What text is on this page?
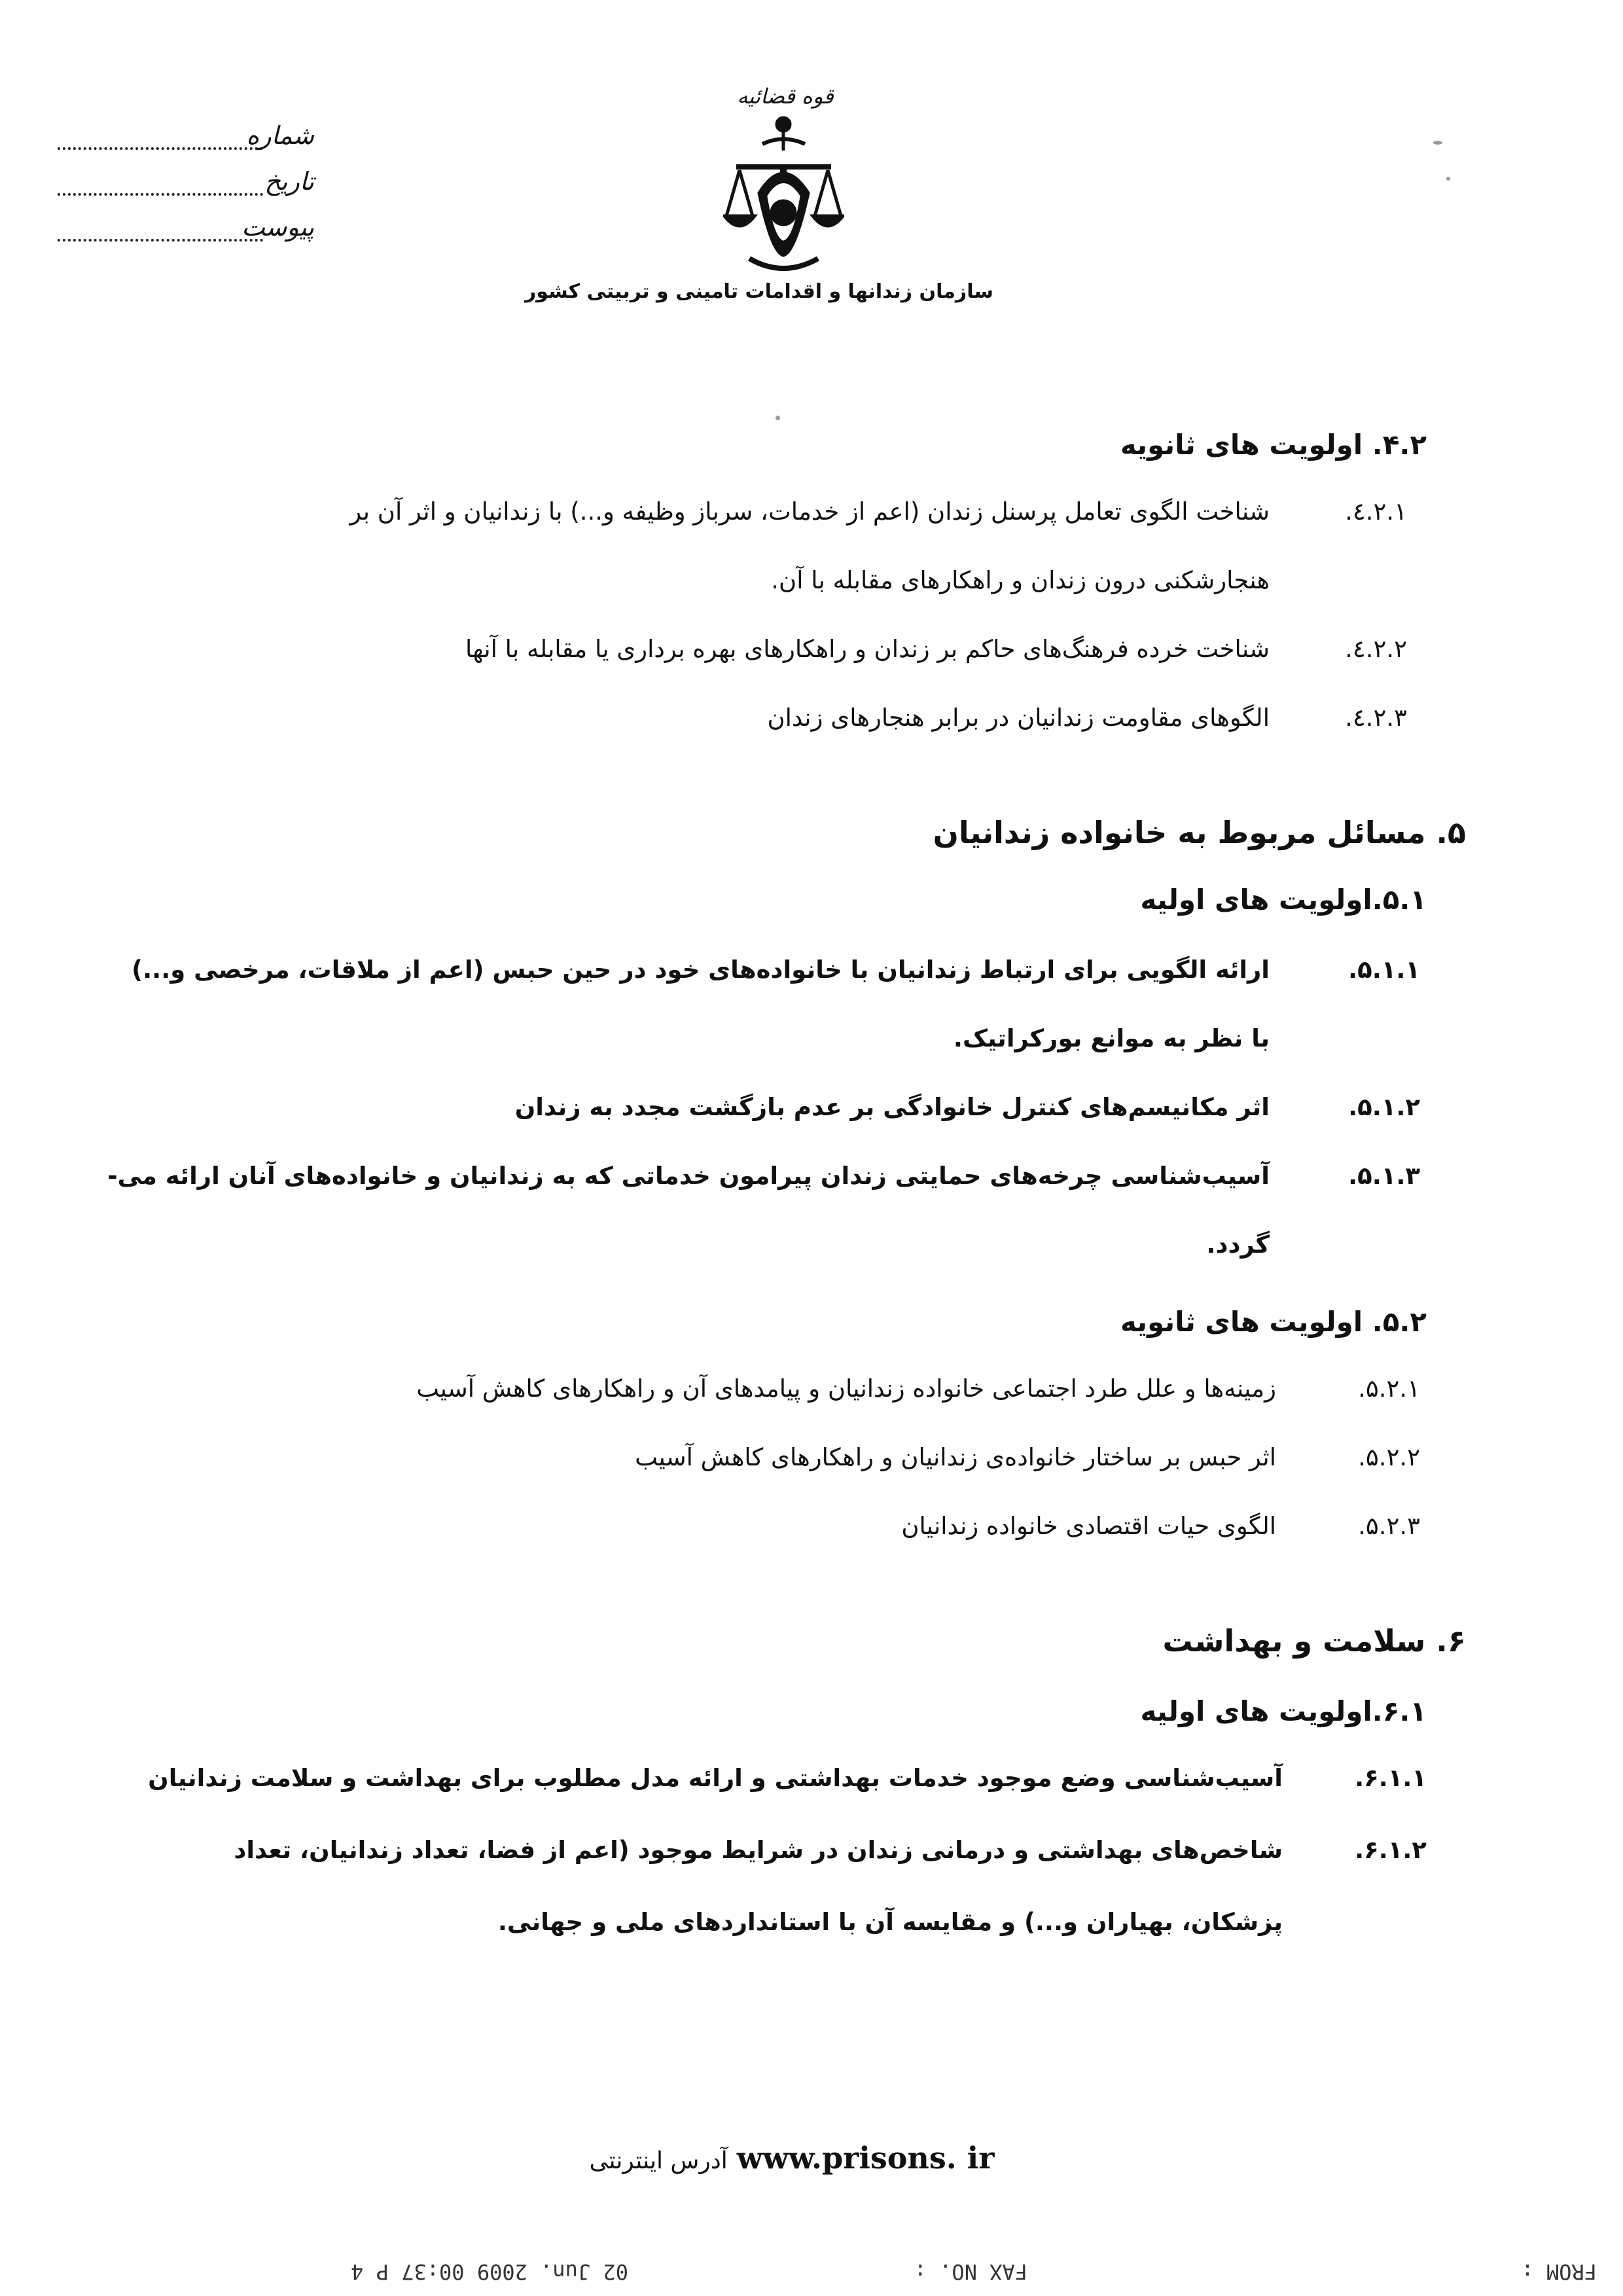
شماره
تاریخ
پیوست
قوه قضائیه
سازمان زندانها و اقدامات تامینی و تربیتی کشور
۴.۲. اولویت های ثانویه
٤.٢.١.
شناخت الگوی تعامل پرسنل زندان (اعم از خدمات، سرباز وظیفه و...) با زندانیان و اثر آن بر
هنجارشکنی درون زندان و راهکارهای مقابله با آن.
٤.٢.٢.
شناخت خرده فرهنگ‌های حاکم بر زندان و راهکارهای بهره برداری یا مقابله با آنها
٤.٢.٣.
الگوهای مقاومت زندانیان در برابر هنجارهای زندان
۵. مسائل مربوط به خانواده زندانیان
۵.۱.اولویت های اولیه
۵.۱.۱.
ارائه الگویی برای ارتباط زندانیان با خانواده‌های خود در حین حبس (اعم از ملاقات، مرخصی و...)
با نظر به موانع بورکراتیک.
۵.۱.۲.
اثر مکانیسم‌های کنترل خانوادگی بر عدم بازگشت مجدد به زندان
۵.۱.۳.
آسیب‌شناسی چرخه‌های حمایتی زندان پیرامون خدماتی که به زندانیان و خانواده‌های آنان ارائه می-
گردد.
۵.۲. اولویت های ثانویه
۵.۲.۱.
زمینه‌ها و علل طرد اجتماعی خانواده زندانیان و پیامدهای آن و راهکارهای کاهش آسیب
۵.۲.۲.
اثر حبس بر ساختار خانواده‌ی زندانیان و راهکارهای کاهش آسیب
۵.۲.۳.
الگوی حیات اقتصادی خانواده زندانیان
۶. سلامت و بهداشت
۶.۱.اولویت های اولیه
۶.۱.۱.
آسیب‌شناسی وضع موجود خدمات بهداشتی و ارائه مدل مطلوب برای بهداشت و سلامت زندانیان
۶.۱.۲.
شاخص‌های بهداشتی و درمانی زندان در شرایط موجود (اعم از فضا، تعداد زندانیان، تعداد
پزشکان، بهیاران و...) و مقایسه آن با استانداردهای ملی و جهانی.
آدرس اینترنتی www.prisons. ir
FROM :
FAX NO. :
02 Jun. 2009 00:37 P 4
